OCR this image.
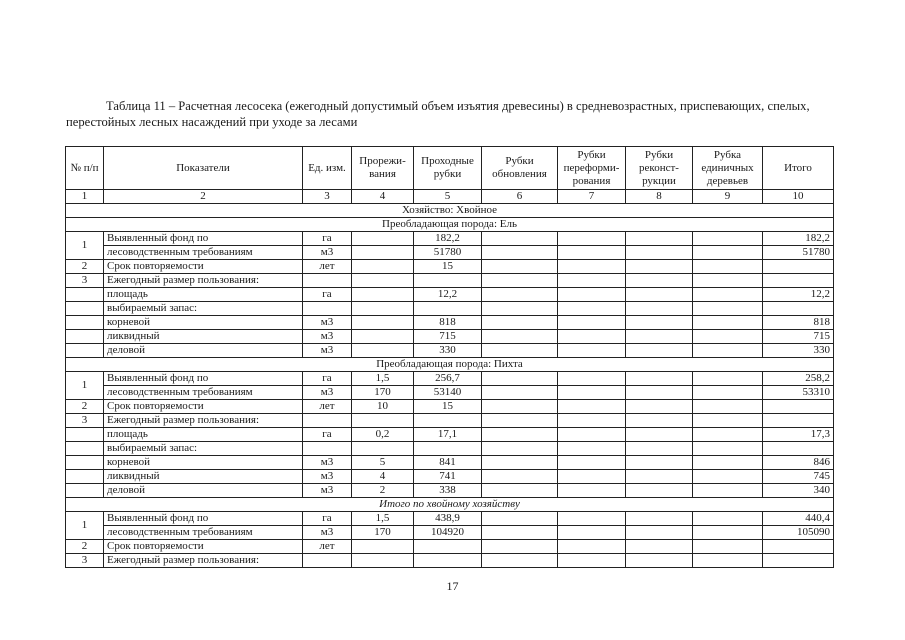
Таблица 11 – Расчетная лесосека (ежегодный допустимый объем изъятия древесины) в средневозрастных, приспевающих, спелых, перестойных лесных насаждений при уходе за лесами
№ п/п	Показатели	Ед. изм.	Прорежи-вания	Проходные рубки	Рубки обновления	Рубки переформи-рования	Рубки реконст-рукции	Рубка единичных деревьев	Итого
1	2	3	4	5	6	7	8	9	10
Хозяйство: Хвойное									
Преобладающая порода: Ель									
1	Выявленный фонд по	га		182,2					182,2
	лесоводственным требованиям	м3		51780					51780
2	Срок повторяемости	лет		15					
3	Ежегодный размер пользования:								
	площадь	га		12,2					12,2
	выбираемый запас:								
	корневой	м3		818					818
	ликвидный	м3		715					715
	деловой	м3		330					330
Преобладающая порода: Пихта									
1	Выявленный фонд по	га	1,5	256,7					258,2
	лесоводственным требованиям	м3	170	53140					53310
2	Срок повторяемости	лет	10	15					
3	Ежегодный размер пользования:								
	площадь	га	0,2	17,1					17,3
	выбираемый запас:								
	корневой	м3	5	841					846
	ликвидный	м3	4	741					745
	деловой	м3	2	338					340
Итого по хвойному хозяйству									
1	Выявленный фонд по	га	1,5	438,9					440,4
	лесоводственным требованиям	м3	170	104920					105090
2	Срок повторяемости	лет							
3	Ежегодный размер пользования:								
17
